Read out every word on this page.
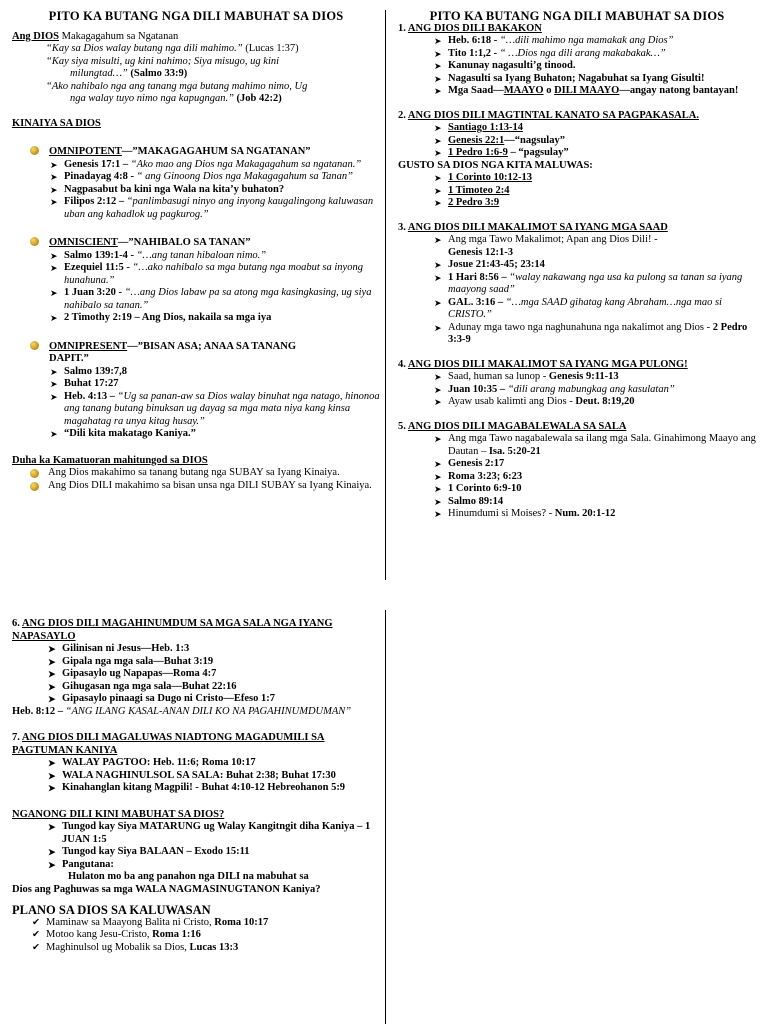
PITO KA BUTANG NGA DILI MABUHAT SA DIOS
Ang DIOS Makagagahum sa Ngatanan
“Kay sa Dios walay butang nga dili mahimo.” (Lucas 1:37)
“Kay siya misulti, ug kini nahimo; Siya misugo, ug kini
milungtad…” (Salmo 33:9)
“Ako nahibalo nga ang tanang mga butang mahimo nimo, Ug
nga walay tuyo nimo nga kapugngan.” (Job 42:2)
KINAIYA SA DIOS
OMNIPOTENT—”MAKAGAGAHUM SA NGATANAN”
➤ Genesis 17:1 – “Ako mao ang Dios nga Makagagahum sa ngatanan.”
➤ Pinadayag 4:8 - “ ang Ginoong Dios nga Makagagahum sa Tanan”
➤ Nagpasabut ba kini nga Wala na kita’y buhaton?
➤ Filipos 2:12 – “panlimbasugi ninyo ang inyong kaugalingong kaluwasan uban ang kahadlok ug pagkurog.”
OMNISCIENT—”NAHIBALO SA TANAN”
➤ Salmo 139:1-4 - “…ang tanan hibaloan nimo.”
➤ Ezequiel 11:5 - “…ako nahibalo sa mga butang nga moabut sa inyong hunahuna.”
➤ 1 Juan 3:20 - “…ang Dios labaw pa sa atong mga kasingkasing, ug siya nahibalo sa tanan.”
➤ 2 Timothy 2:19 – Ang Dios, nakaila sa mga iya
OMNIPRESENT—”BISAN ASA; ANAA SA TANANG
DAPIT.”
➤ Salmo 139:7,8
➤ Buhat 17:27
➤ Heb. 4:13 – “Ug sa panan-aw sa Dios walay binuhat nga natago, hinonoa ang tanang butang binuksan ug dayag sa mga mata niya kang kinsa magahatag ra unya kitag husay.”
➤ “Dili kita makatago Kaniya.”
Duha ka Kamatuoran mahitungod sa DIOS
Ang Dios makahimo sa tanang butang nga SUBAY sa Iyang Kinaiya.
Ang Dios DILI makahimo sa bisan unsa nga DILI SUBAY sa Iyang Kinaiya.
PITO KA BUTANG NGA DILI MABUHAT SA DIOS
1. ANG DIOS DILI BAKAKON
➤ Heb. 6:18 - “…dili mahimo nga mamakak ang Dios”
➤ Tito 1:1,2 - “ …Dios nga dili arang makabakak…”
➤ Kanunay nagasulti’g tinood.
➤ Nagasulti sa Iyang Buhaton; Nagabuhat sa Iyang Gisulti!
➤ Mga Saad—MAAYO o DILI MAAYO—angay natong bantayan!
2. ANG DIOS DILI MAGTINTAL KANATO SA PAGPAKASALA.
➤ Santiago 1:13-14
➤ Genesis 22:1—“nagsulay”
➤ 1 Pedro 1:6-9 – “pagsulay”
GUSTO SA DIOS NGA KITA MALUWAS:
➤ 1 Corinto 10:12-13
➤ 1 Timoteo 2:4
➤ 2 Pedro 3:9
3. ANG DIOS DILI MAKALIMOT SA IYANG MGA SAAD
➤ Ang mga Tawo Makalimot; Apan ang Dios Dili! -
Genesis 12:1-3
➤ Josue 21:43-45; 23:14
➤ 1 Hari 8:56 – “walay nakawang nga usa ka pulong sa tanan sa iyang maayong saad”
➤ GAL. 3:16 – “…mga SAAD gihatag kang Abraham…nga mao si CRISTO.”
➤ Adunay mga tawo nga naghunahuna nga nakalimot ang Dios - 2 Pedro 3:3-9
4. ANG DIOS DILI MAKALIMOT SA IYANG MGA PULONG!
➤ Saad, human sa lunop - Genesis 9:11-13
➤ Juan 10:35 – “dili arang mabungkag ang kasulatan”
➤ Ayaw usab kalimti ang Dios - Deut. 8:19,20
5. ANG DIOS DILI MAGABALEWALA SA SALA
➤ Ang mga Tawo nagabalewala sa ilang mga Sala. Ginahimong Maayo ang Dautan – Isa. 5:20-21
➤ Genesis 2:17
➤ Roma 3:23; 6:23
➤ 1 Corinto 6:9-10
➤ Salmo 89:14
➤ Hinumdumi si Moises? - Num. 20:1-12
6. ANG DIOS DILI MAGAHINUMDUM SA MGA SALA NGA IYANG NAPASAYLO
➤ Gilinisan ni Jesus—Heb. 1:3
➤ Gipala nga mga sala—Buhat 3:19
➤ Gipasaylo ug Napapas—Roma 4:7
➤ Gihugasan nga mga sala—Buhat 22:16
➤ Gipasaylo pinaagi sa Dugo ni Cristo—Efeso 1:7
Heb. 8:12 – “ANG ILANG KASAL-ANAN DILI KO NA PAGAHINUMDUMAN”
7. ANG DIOS DILI MAGALUWAS NIADTONG MAGADUMILI SA PAGTUMAN KANIYA
➤ WALAY PAGTOO: Heb. 11:6; Roma 10:17
➤ WALA NAGHINULSOL SA SALA: Buhat 2:38; Buhat 17:30
➤ Kinahanglan kitang Magpili! - Buhat 4:10-12 Hebreohanon 5:9
NGANONG DILI KINI MABUHAT SA DIOS?
➤ Tungod kay Siya MATARUNG ug Walay Kangitngit diha Kaniya – 1 JUAN 1:5
➤ Tungod kay Siya BALAAN – Exodo 15:11
➤ Pangutana:
Hulaton mo ba ang panahon nga DILI na mabuhat sa
Dios ang Paghuwas sa mga WALA NAGMASINUGTANON Kaniya?
PLANO SA DIOS SA KALUWASAN
✔ Maminaw sa Maayong Balita ni Cristo, Roma 10:17
✔ Motoo kang Jesu-Cristo, Roma 1:16
✔ Maghinulsol ug Mobalik sa Dios, Lucas 13:3
